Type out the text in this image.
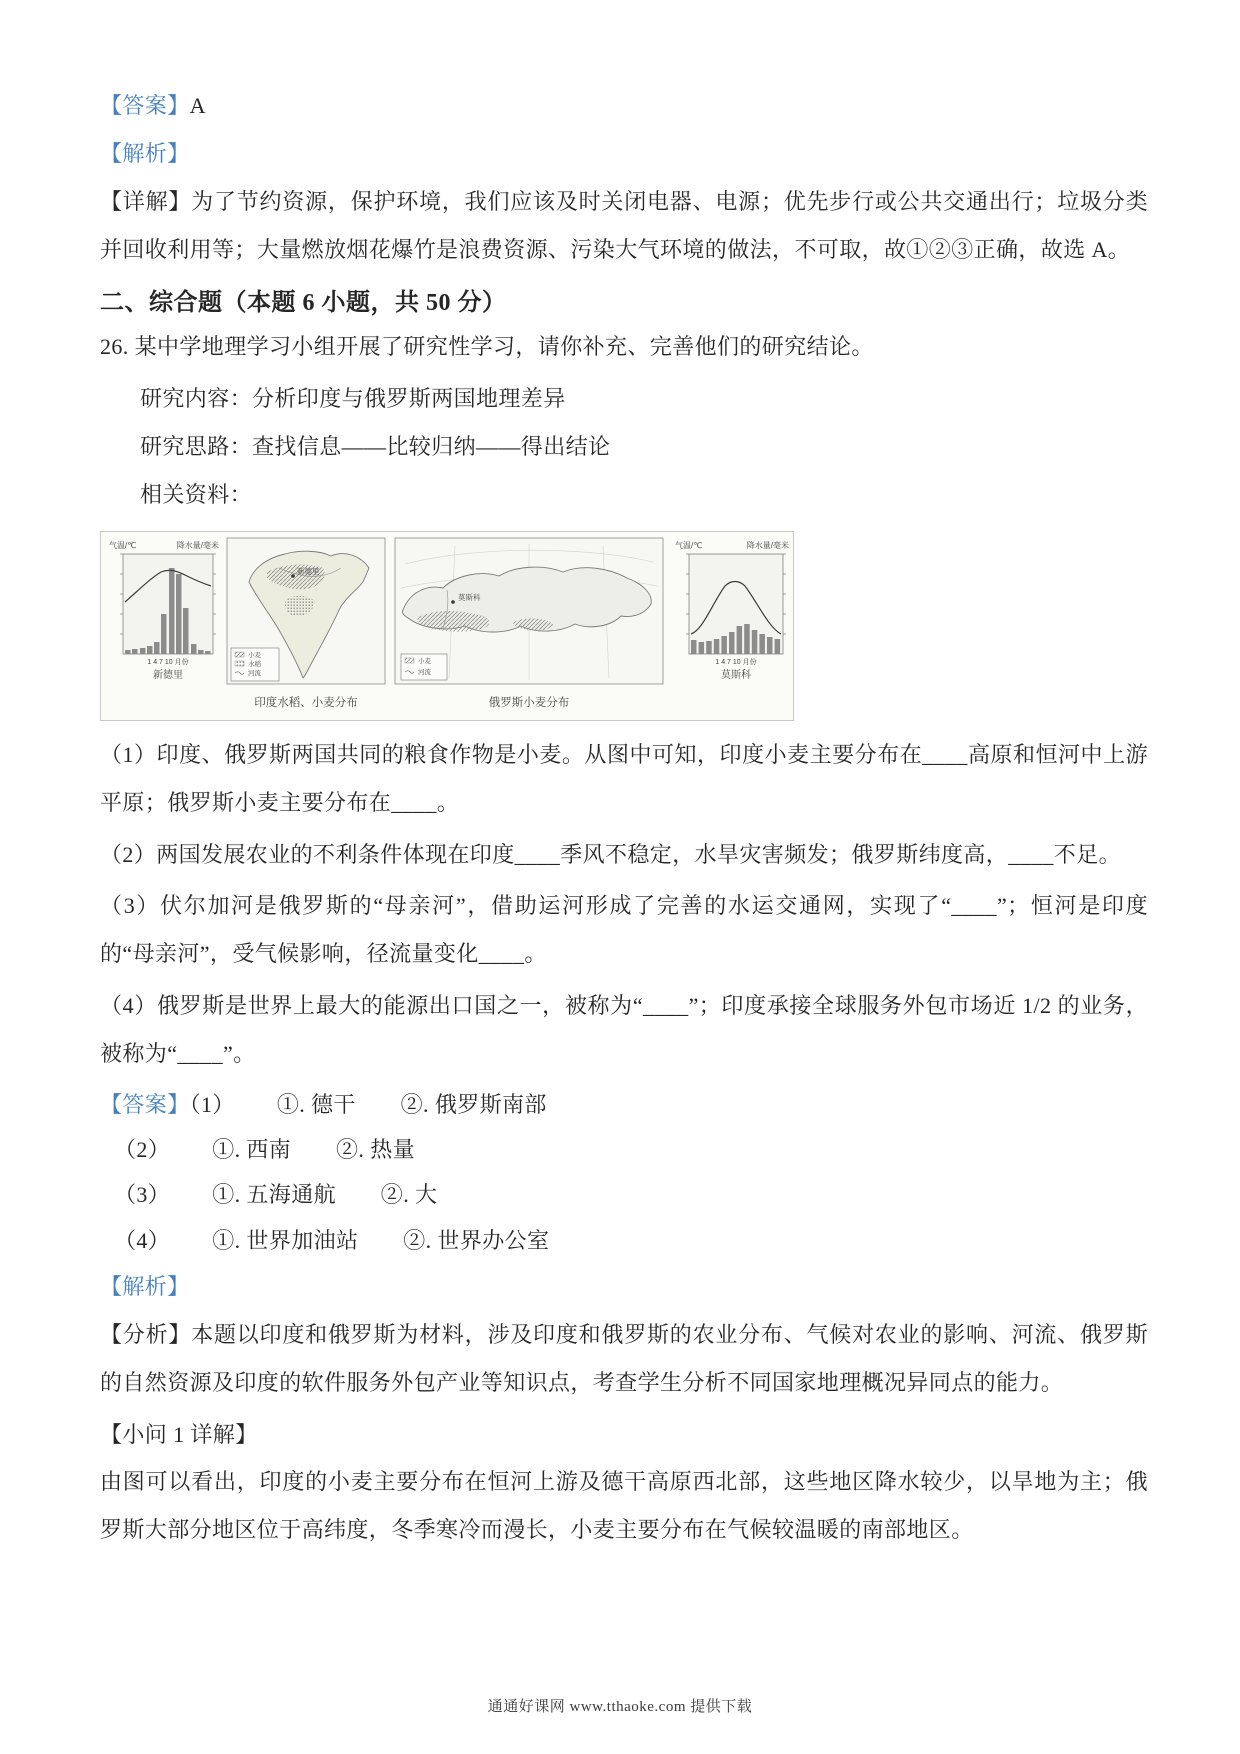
【答案】A

【解析】

【详解】为了节约资源，保护环境，我们应该及时关闭电器、电源；优先步行或公共交通出行；垃圾分类并回收利用等；大量燃放烟花爆竹是浪费资源、污染大气环境的做法，不可取，故①②③正确，故选 A。

二、综合题（本题 6 小题，共 50 分）

26. 某中学地理学习小组开展了研究性学习，请你补充、完善他们的研究结论。

研究内容：分析印度与俄罗斯两国地理差异

研究思路：查找信息——比较归纳——得出结论

相关资料：

气温/℃	降水量/毫米
1 4 7 10 月份
新德里
新德里
小麦
水稻
河流
莫斯科
小麦
河流
气温/℃	降水量/毫米
1 4 7 10 月份
莫斯科
印度水稻、小麦分布	俄罗斯小麦分布

（1）印度、俄罗斯两国共同的粮食作物是小麦。从图中可知，印度小麦主要分布在____高原和恒河中上游平原；俄罗斯小麦主要分布在____。

（2）两国发展农业的不利条件体现在印度____季风不稳定，水旱灾害频发；俄罗斯纬度高，____不足。

（3）伏尔加河是俄罗斯的“母亲河”，借助运河形成了完善的水运交通网，实现了“____”；恒河是印度的“母亲河”，受气候影响，径流量变化____。

（4）俄罗斯是世界上最大的能源出口国之一，被称为“____”；印度承接全球服务外包市场近 1/2 的业务，被称为“____”。

【答案】（1） ①. 德干　　②. 俄罗斯南部

（2） ①. 西南　　②. 热量

（3） ①. 五海通航　　②. 大

（4） ①. 世界加油站　　②. 世界办公室

【解析】

【分析】本题以印度和俄罗斯为材料，涉及印度和俄罗斯的农业分布、气候对农业的影响、河流、俄罗斯的自然资源及印度的软件服务外包产业等知识点，考查学生分析不同国家地理概况异同点的能力。

【小问 1 详解】

由图可以看出，印度的小麦主要分布在恒河上游及德干高原西北部，这些地区降水较少，以旱地为主；俄罗斯大部分地区位于高纬度，冬季寒冷而漫长，小麦主要分布在气候较温暖的南部地区。

通通好课网 www.tthaoke.com 提供下载
